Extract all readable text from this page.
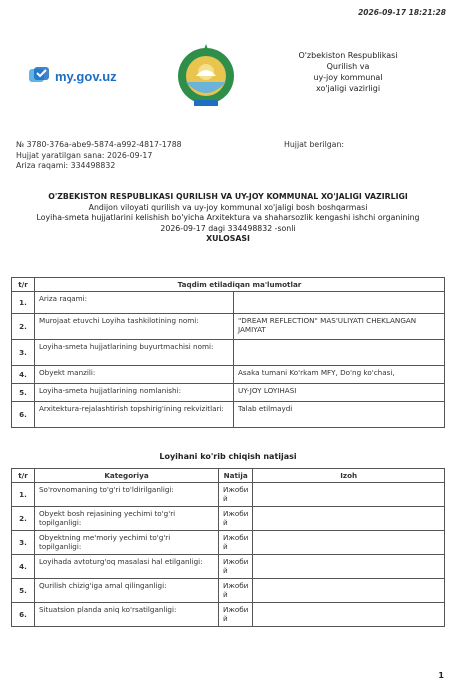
2026-09-17 18:21:28
my.gov.uz
O'zbekiston Respublikasi
Qurilish va
uy-joy kommunal
xo'jaligi vazirligi
№ 3780-376a-abe9-5874-a992-4817-1788
Hujjat yaratilgan sana: 2026-09-17
Ariza raqami: 334498832
Hujjat berilgan:
O'ZBEKISTON RESPUBLIKASI QURILISH VA UY-JOY KOMMUNAL XO'JALIGI VAZIRLIGI
Andijon viloyati qurilish va uy-joy kommunal xo'jaligi bosh boshqarmasi
Loyiha-smeta hujjatlarini kelishish bo'yicha Arxitektura va shaharsozlik kengashi ishchi organining
2026-09-17 dagi 334498832 -sonli
XULOSASI
t/r	Taqdim etiladiqan ma'lumotlar	
1.	Ariza raqami:	
2.	Murojaat etuvchi Loyiha tashkilotining nomi:	"DREAM REFLECTION" MAS'ULIYATI CHEKLANGAN JAMIYAT
3.	Loyiha-smeta hujjatlarining buyurtmachisi nomi:	
4.	Obyekt manzili:	Asaka tumani Ko'rkam MFY, Do'ng ko'chasi,
5.	Loyiha-smeta hujjatlarining nomlanishi:	UY-JOY LOYIHASI
6.	Arxitektura-rejalashtirish topshirig'ining rekvizitlari:	Talab etilmaydi
Loyihani ko'rib chiqish natijasi
t/r	Kategoriya	Natija	Izoh
1.	So'rovnomaning to'g'ri to'ldirilganligi:	Ижоби й	
2.	Obyekt bosh rejasining yechimi to'g'ri topilganligi:	Ижоби й	
3.	Obyektning me'moriy yechimi to'g'ri topilganligi:	Ижоби й	
4.	Loyihada avtoturg'oq masalasi hal etilganligi:	Ижоби й	
5.	Qurilish chizig'iga amal qilinganligi:	Ижоби й	
6.	Situatsion planda aniq ko'rsatilganligi:	Ижоби й	
1
